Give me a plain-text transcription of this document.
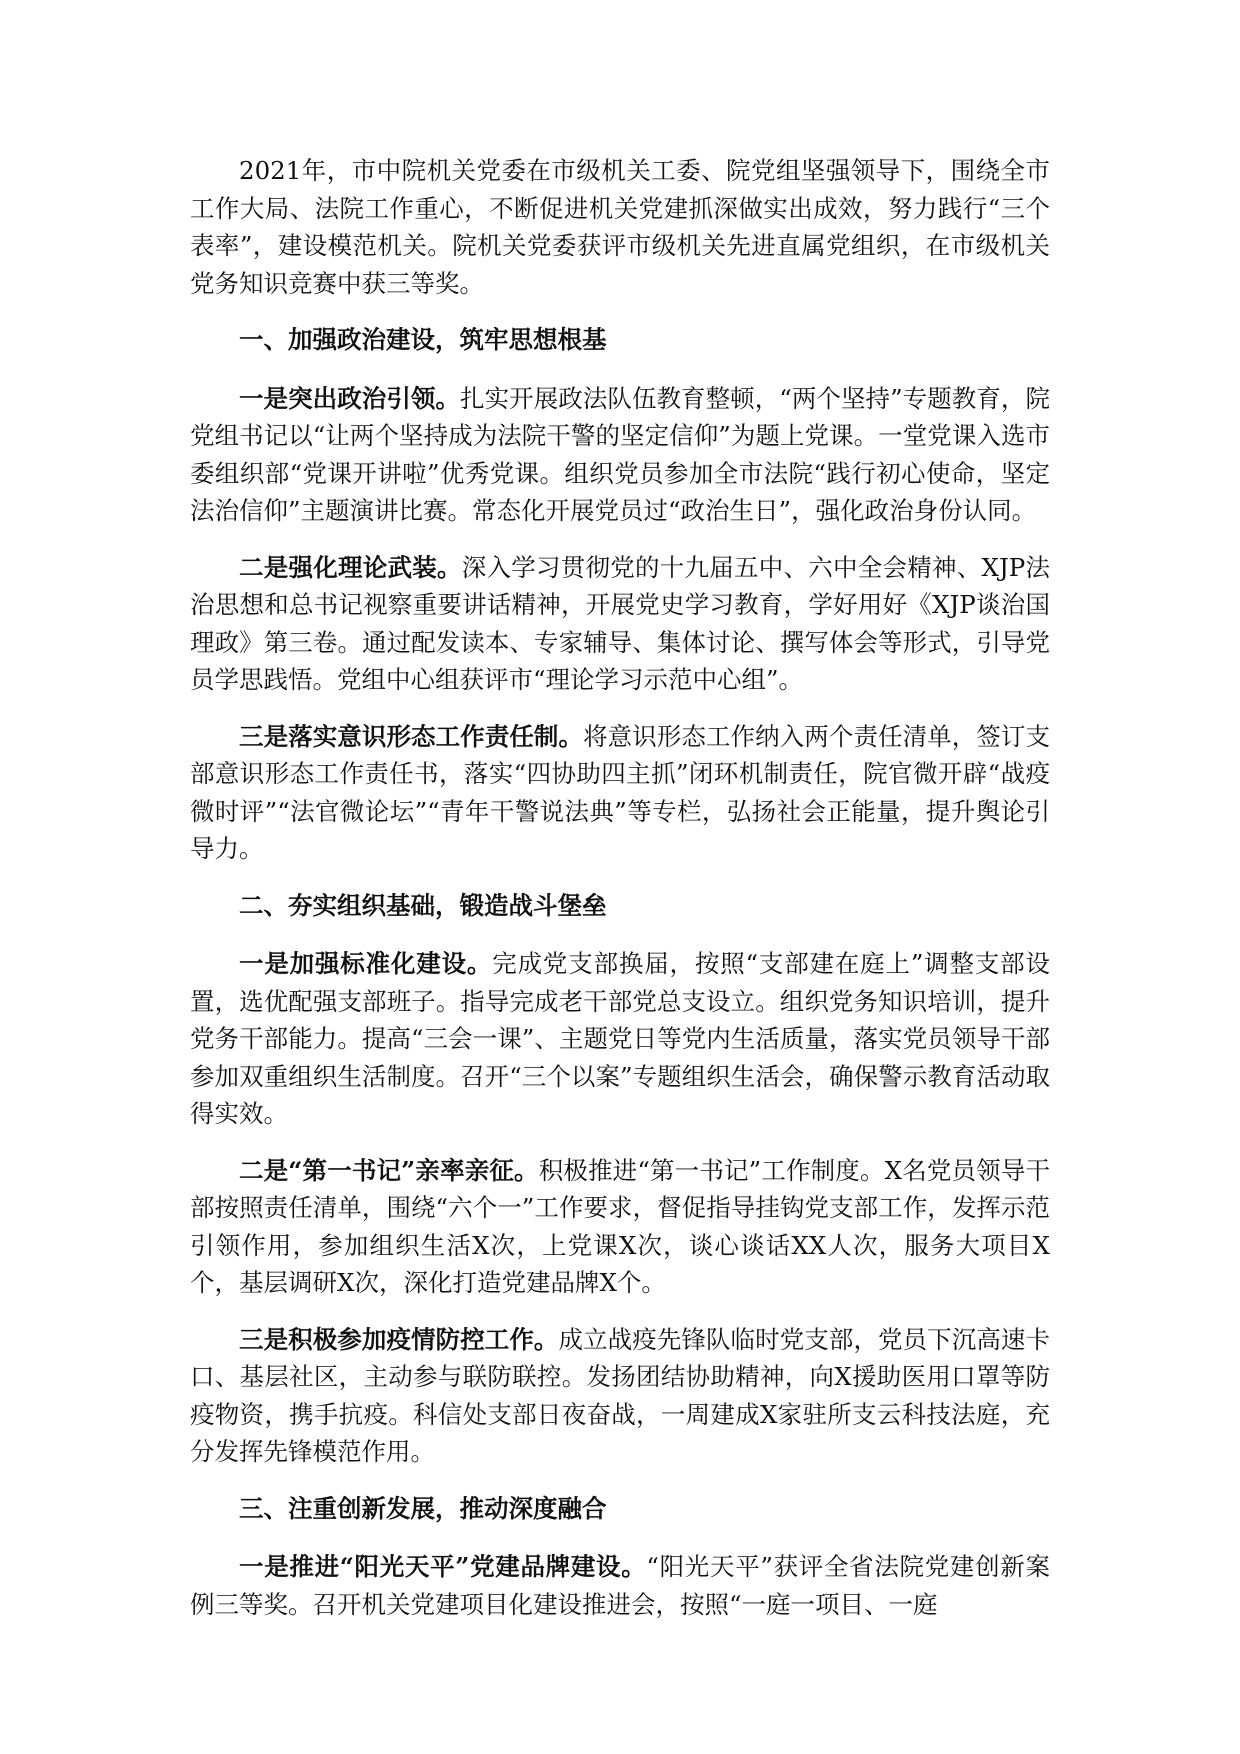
2021年，市中院机关党委在市级机关工委、院党组坚强领导下，围绕全市工作大局、法院工作重心，不断促进机关党建抓深做实出成效，努力践行“三个表率”，建设模范机关。院机关党委获评市级机关先进直属党组织，在市级机关党务知识竞赛中获三等奖。

一、加强政治建设，筑牢思想根基

一是突出政治引领。扎实开展政法队伍教育整顿，“两个坚持”专题教育，院党组书记以“让两个坚持成为法院干警的坚定信仰”为题上党课。一堂党课入选市委组织部“党课开讲啦”优秀党课。组织党员参加全市法院“践行初心使命，坚定法治信仰”主题演讲比赛。常态化开展党员过“政治生日”，强化政治身份认同。

二是强化理论武装。深入学习贯彻党的十九届五中、六中全会精神、XJP法治思想和总书记视察重要讲话精神，开展党史学习教育，学好用好《XJP谈治国理政》第三卷。通过配发读本、专家辅导、集体讨论、撰写体会等形式，引导党员学思践悟。党组中心组获评市“理论学习示范中心组”。

三是落实意识形态工作责任制。将意识形态工作纳入两个责任清单，签订支部意识形态工作责任书，落实“四协助四主抓”闭环机制责任，院官微开辟“战疫微时评”“法官微论坛”“青年干警说法典”等专栏，弘扬社会正能量，提升舆论引导力。

二、夯实组织基础，锻造战斗堡垒

一是加强标准化建设。完成党支部换届，按照“支部建在庭上”调整支部设置，选优配强支部班子。指导完成老干部党总支设立。组织党务知识培训，提升党务干部能力。提高“三会一课”、主题党日等党内生活质量，落实党员领导干部参加双重组织生活制度。召开“三个以案”专题组织生活会，确保警示教育活动取得实效。

二是“第一书记”亲率亲征。积极推进“第一书记”工作制度。X名党员领导干部按照责任清单，围绕“六个一”工作要求，督促指导挂钩党支部工作，发挥示范引领作用，参加组织生活X次，上党课X次，谈心谈话XX人次，服务大项目X个，基层调研X次，深化打造党建品牌X个。

三是积极参加疫情防控工作。成立战疫先锋队临时党支部，党员下沉高速卡口、基层社区，主动参与联防联控。发扬团结协助精神，向X援助医用口罩等防疫物资，携手抗疫。科信处支部日夜奋战，一周建成X家驻所支云科技法庭，充分发挥先锋模范作用。

三、注重创新发展，推动深度融合

一是推进“阳光天平”党建品牌建设。“阳光天平”获评全省法院党建创新案例三等奖。召开机关党建项目化建设推进会，按照“一庭一项目、一庭
